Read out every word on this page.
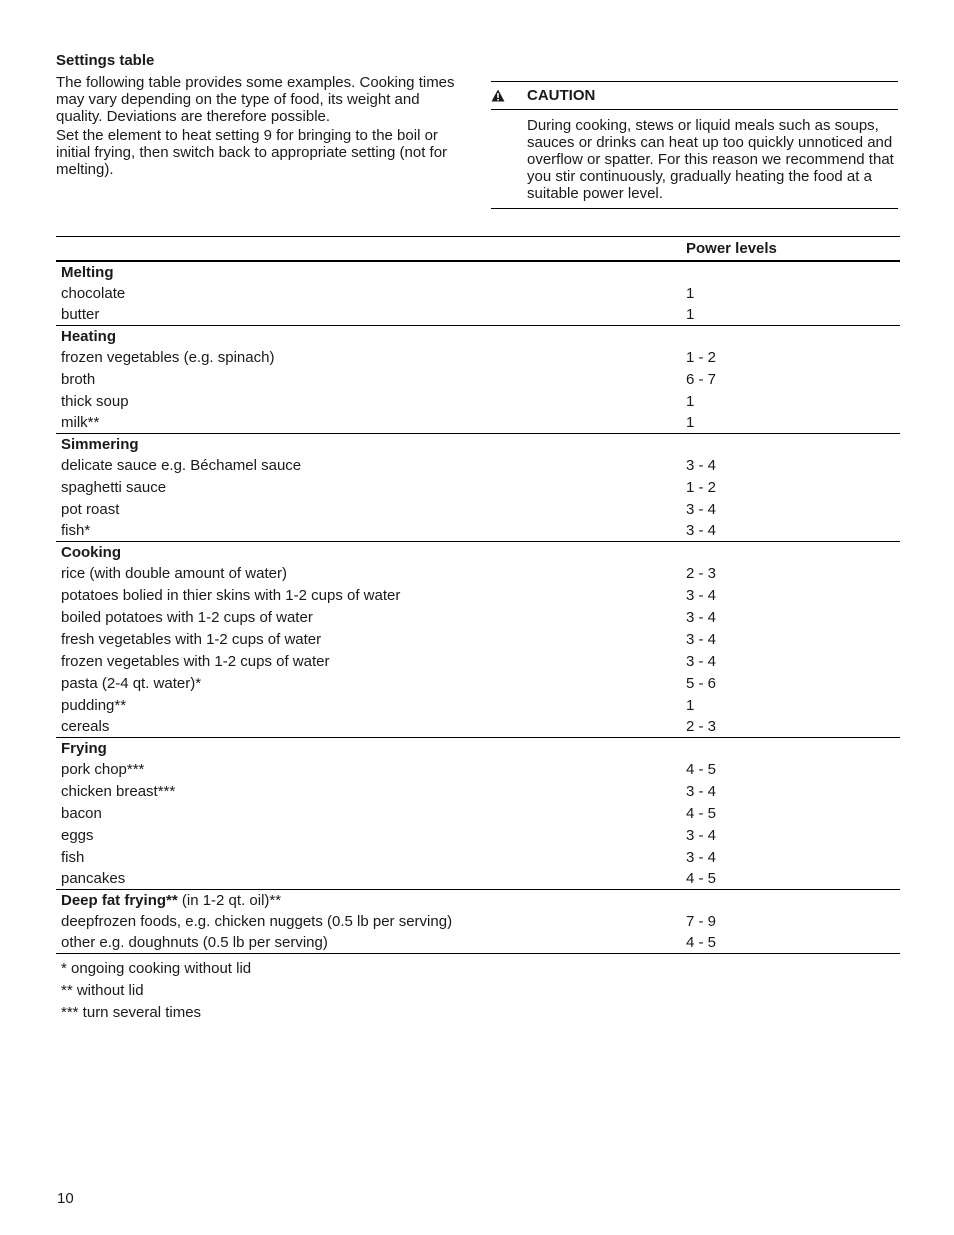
Settings table

The following table provides some examples. Cooking times may vary depending on the type of food, its weight and quality. Deviations are therefore possible.

Set the element to heat setting 9 for bringing to the boil or initial frying, then switch back to appropriate setting (not for melting).

CAUTION
During cooking, stews or liquid meals such as soups, sauces or drinks can heat up too quickly unnoticed and overflow or spatter. For this reason we recommend that you stir continuously, gradually heating the food at a suitable power level.
Power levels
Melting
chocolate	1
butter	1
Heating
frozen vegetables (e.g. spinach)	1 - 2
broth	6 - 7
thick soup	1
milk**	1
Simmering
delicate sauce e.g. Béchamel sauce	3 - 4
spaghetti sauce	1 - 2
pot roast	3 - 4
fish*	3 - 4
Cooking
rice (with double amount of water)	2 - 3
potatoes bolied in thier skins with 1-2 cups of water	3 - 4
boiled potatoes with 1-2 cups of water	3 - 4
fresh vegetables with 1-2 cups of water	3 - 4
frozen vegetables with 1-2 cups of water	3 - 4
pasta (2-4 qt. water)*	5 - 6
pudding**	1
cereals	2 - 3
Frying
pork chop***	4 - 5
chicken breast***	3 - 4
bacon	4 - 5
eggs	3 - 4
fish	3 - 4
pancakes	4 - 5
Deep fat frying** (in 1-2 qt. oil)**
deepfrozen foods, e.g. chicken nuggets (0.5 lb per serving)	7 - 9
other e.g. doughnuts (0.5 lb per serving)	4 - 5
* ongoing cooking without lid
** without lid
*** turn several times
10
